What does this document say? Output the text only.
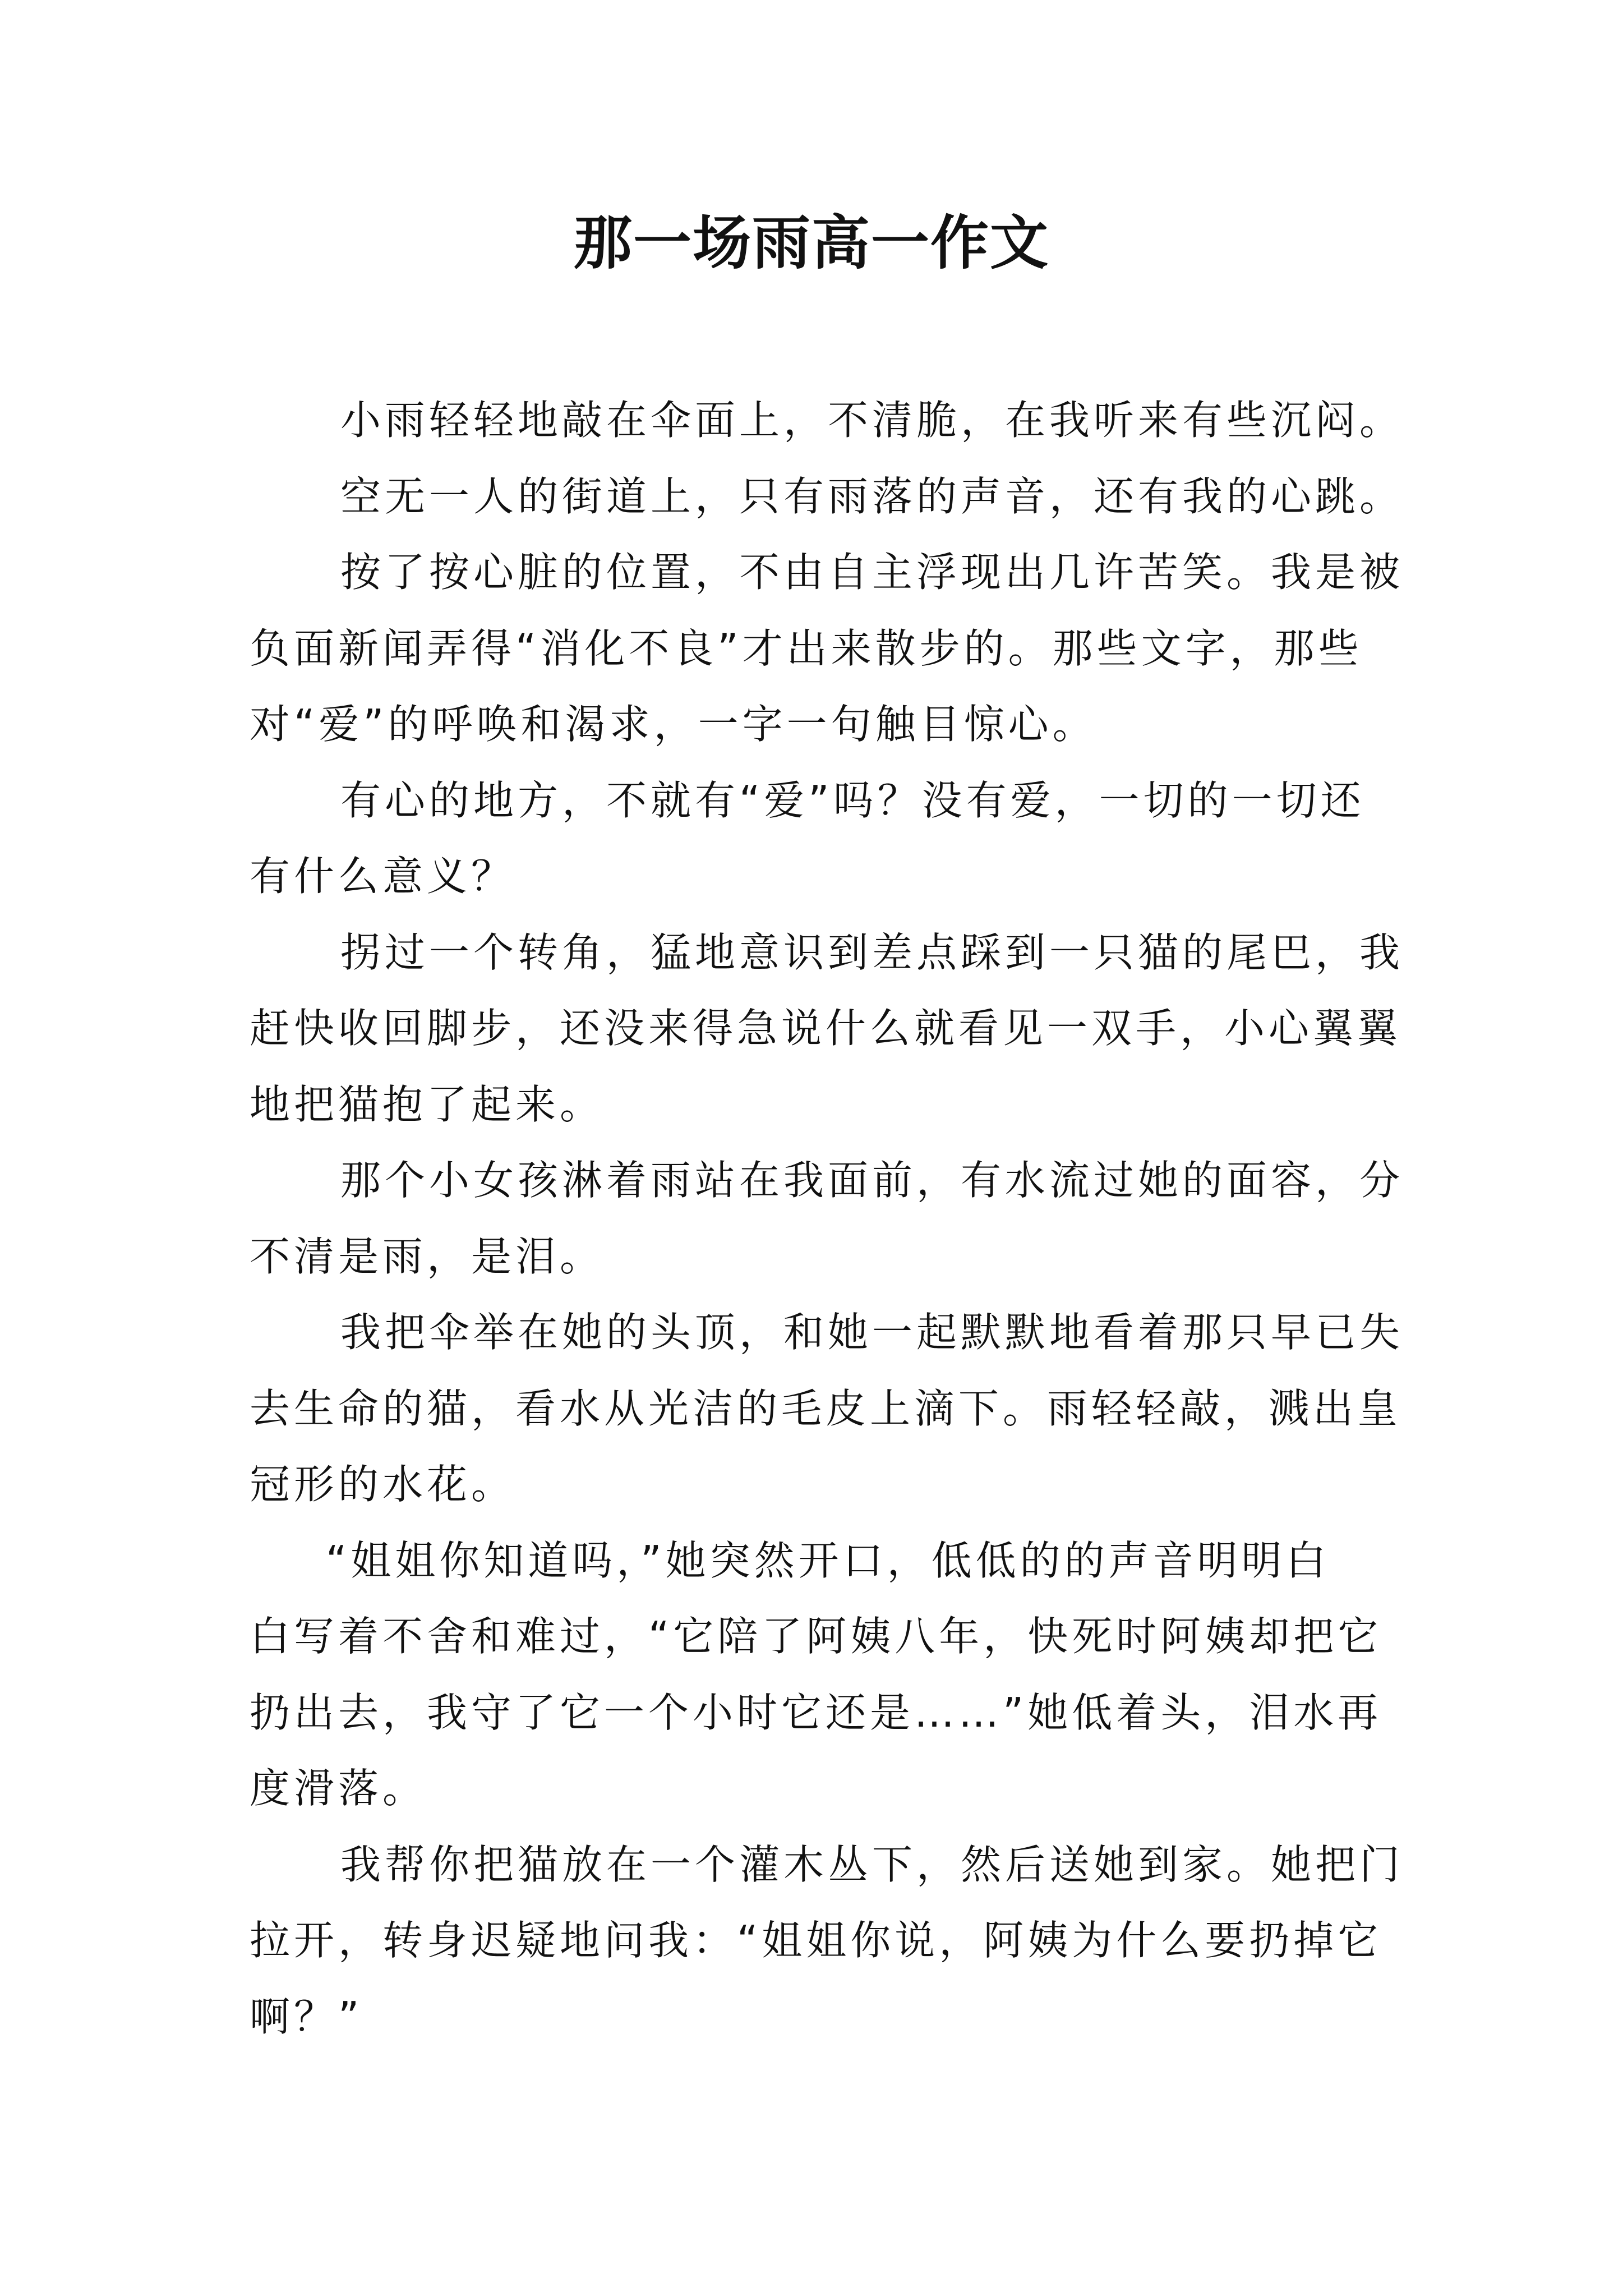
那一场雨高一作文
小雨轻轻地敲在伞面上，不清脆，在我听来有些沉闷。
空无一人的街道上，只有雨落的声音，还有我的心跳。
按了按心脏的位置，不由自主浮现出几许苦笑。我是被
负面新闻弄得“消化不良”才出来散步的。那些文字，那些
对“爱”的呼唤和渴求，一字一句触目惊心。
有心的地方，不就有“爱”吗？没有爱，一切的一切还
有什么意义？
拐过一个转角，猛地意识到差点踩到一只猫的尾巴，我
赶快收回脚步，还没来得急说什么就看见一双手，小心翼翼
地把猫抱了起来。
那个小女孩淋着雨站在我面前，有水流过她的面容，分
不清是雨，是泪。
我把伞举在她的头顶，和她一起默默地看着那只早已失
去生命的猫，看水从光洁的毛皮上滴下。雨轻轻敲，溅出皇
冠形的水花。
“姐姐你知道吗，”她突然开口，低低的的声音明明白
白写着不舍和难过，“它陪了阿姨八年，快死时阿姨却把它
扔出去，我守了它一个小时它还是……”她低着头，泪水再
度滑落。
我帮你把猫放在一个灌木丛下，然后送她到家。她把门
拉开，转身迟疑地问我：“姐姐你说，阿姨为什么要扔掉它
啊？”
